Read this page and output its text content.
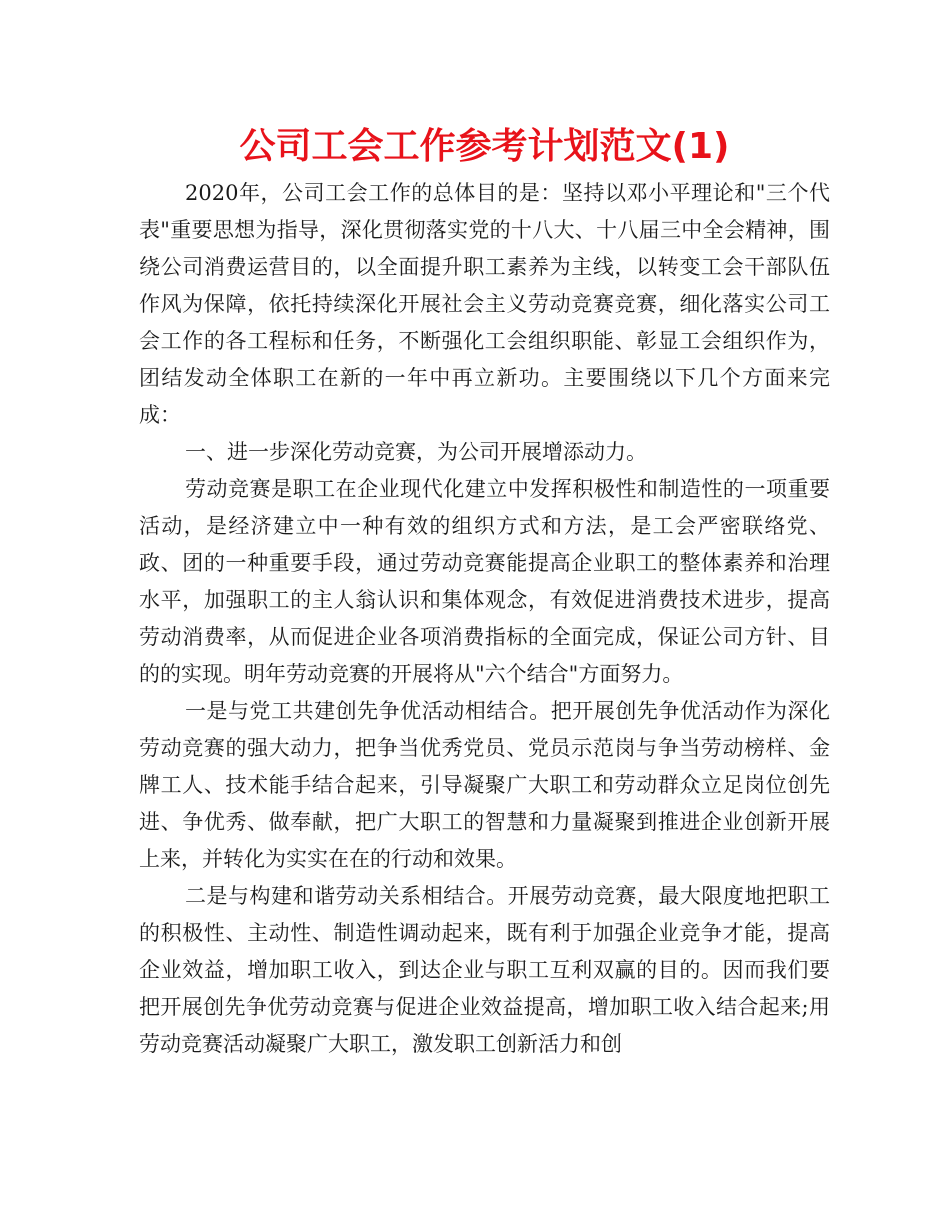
公司工会工作参考计划范文(1)

2020年，公司工会工作的总体目的是：坚持以邓小平理论和"三个代表"重要思想为指导，深化贯彻落实党的十八大、十八届三中全会精神，围绕公司消费运营目的，以全面提升职工素养为主线，以转变工会干部队伍作风为保障，依托持续深化开展社会主义劳动竞赛竞赛，细化落实公司工会工作的各工程标和任务，不断强化工会组织职能、彰显工会组织作为，团结发动全体职工在新的一年中再立新功。主要围绕以下几个方面来完成：

一、进一步深化劳动竞赛，为公司开展增添动力。

劳动竞赛是职工在企业现代化建立中发挥积极性和制造性的一项重要活动，是经济建立中一种有效的组织方式和方法，是工会严密联络党、政、团的一种重要手段，通过劳动竞赛能提高企业职工的整体素养和治理水平，加强职工的主人翁认识和集体观念，有效促进消费技术进步，提高劳动消费率，从而促进企业各项消费指标的全面完成，保证公司方针、目的的实现。明年劳动竞赛的开展将从"六个结合"方面努力。

一是与党工共建创先争优活动相结合。把开展创先争优活动作为深化劳动竞赛的强大动力，把争当优秀党员、党员示范岗与争当劳动榜样、金牌工人、技术能手结合起来，引导凝聚广大职工和劳动群众立足岗位创先进、争优秀、做奉献，把广大职工的智慧和力量凝聚到推进企业创新开展上来，并转化为实实在在的行动和效果。

二是与构建和谐劳动关系相结合。开展劳动竞赛，最大限度地把职工的积极性、主动性、制造性调动起来，既有利于加强企业竞争才能，提高企业效益，增加职工收入，到达企业与职工互利双赢的目的。因而我们要把开展创先争优劳动竞赛与促进企业效益提高，增加职工收入结合起来;用劳动竞赛活动凝聚广大职工，激发职工创新活力和创
